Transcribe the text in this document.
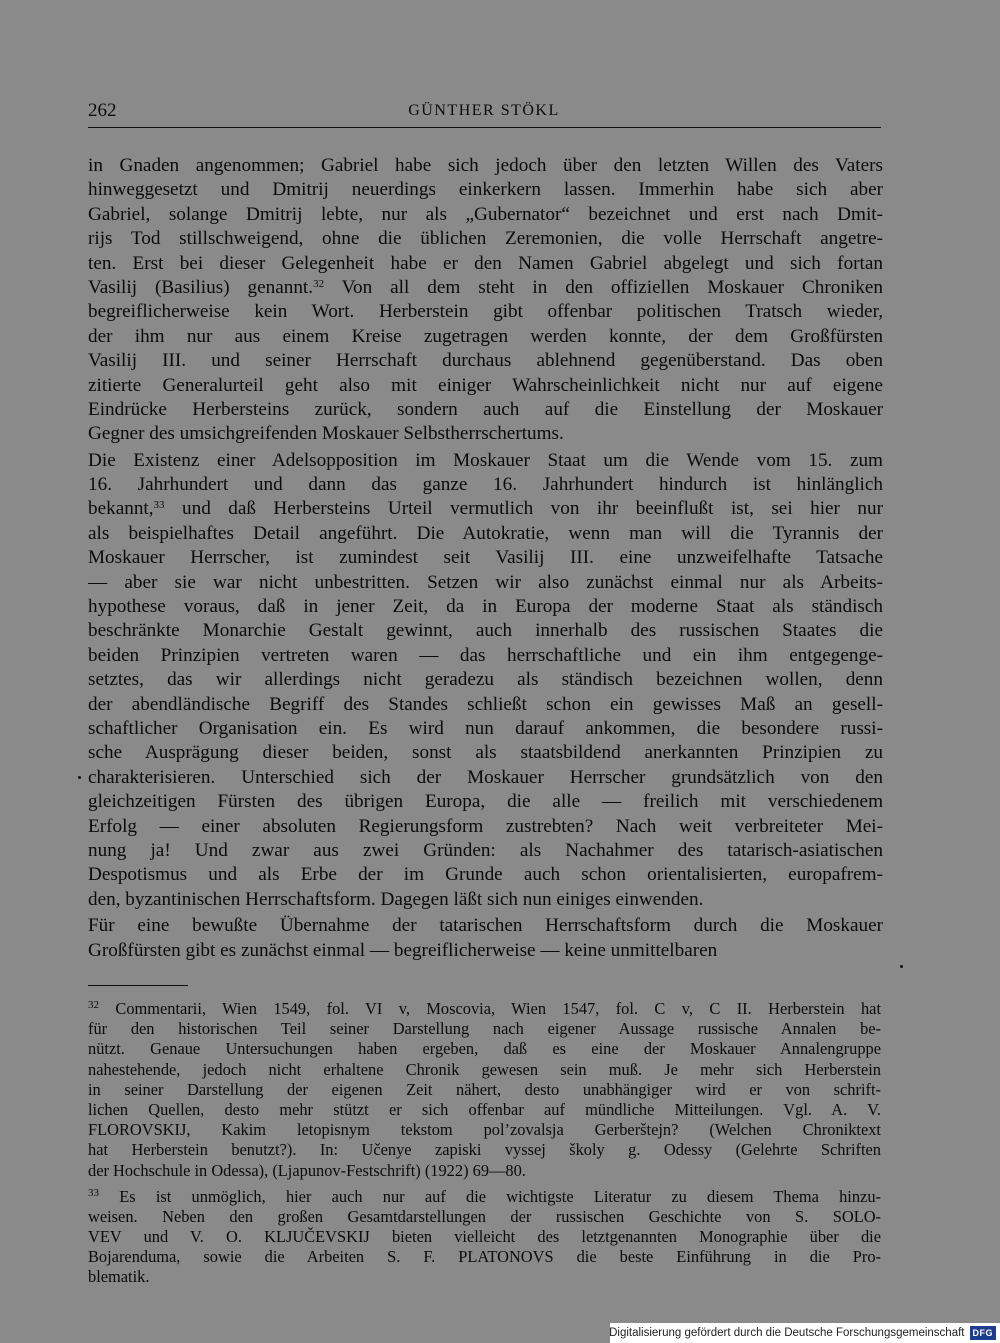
262	GÜNTHER STÖKL
in Gnaden angenommen; Gabriel habe sich jedoch über den letzten Willen des Vaters
hinweggesetzt und Dmitrij neuerdings einkerkern lassen. Immerhin habe sich aber
Gabriel, solange Dmitrij lebte, nur als „Gubernator“ bezeichnet und erst nach Dmit-
rijs Tod stillschweigend, ohne die üblichen Zeremonien, die volle Herrschaft angetre-
ten. Erst bei dieser Gelegenheit habe er den Namen Gabriel abgelegt und sich fortan
Vasilij (Basilius) genannt.$^{32}$ Von all dem steht in den offiziellen Moskauer Chroniken
begreiflicherweise kein Wort. Herberstein gibt offenbar politischen Tratsch wieder,
der ihm nur aus einem Kreise zugetragen werden konnte, der dem Großfürsten
Vasilij III. und seiner Herrschaft durchaus ablehnend gegenüberstand. Das oben
zitierte Generalurteil geht also mit einiger Wahrscheinlichkeit nicht nur auf eigene
Eindrücke Herbersteins zurück, sondern auch auf die Einstellung der Moskauer
Gegner des umsichgreifenden Moskauer Selbstherrschertums.
Die Existenz einer Adelsopposition im Moskauer Staat um die Wende vom 15. zum
16. Jahrhundert und dann das ganze 16. Jahrhundert hindurch ist hinlänglich
bekannt,$^{33}$ und daß Herbersteins Urteil vermutlich von ihr beeinflußt ist, sei hier nur
als beispielhaftes Detail angeführt. Die Autokratie, wenn man will die Tyrannis der
Moskauer Herrscher, ist zumindest seit Vasilij III. eine unzweifelhafte Tatsache
— aber sie war nicht unbestritten. Setzen wir also zunächst einmal nur als Arbeits-
hypothese voraus, daß in jener Zeit, da in Europa der moderne Staat als ständisch
beschränkte Monarchie Gestalt gewinnt, auch innerhalb des russischen Staates die
beiden Prinzipien vertreten waren — das herrschaftliche und ein ihm entgegenge-
setztes, das wir allerdings nicht geradezu als ständisch bezeichnen wollen, denn
der abendländische Begriff des Standes schließt schon ein gewisses Maß an gesell-
schaftlicher Organisation ein. Es wird nun darauf ankommen, die besondere russi-
sche Ausprägung dieser beiden, sonst als staatsbildend anerkannten Prinzipien zu
charakterisieren. Unterschied sich der Moskauer Herrscher grundsätzlich von den
gleichzeitigen Fürsten des übrigen Europa, die alle — freilich mit verschiedenem
Erfolg — einer absoluten Regierungsform zustrebten? Nach weit verbreiteter Mei-
nung ja! Und zwar aus zwei Gründen: als Nachahmer des tatarisch-asiatischen
Despotismus und als Erbe der im Grunde auch schon orientalisierten, europafrem-
den, byzantinischen Herrschaftsform. Dagegen läßt sich nun einiges einwenden.
Für eine bewußte Übernahme der tatarischen Herrschaftsform durch die Moskauer
Großfürsten gibt es zunächst einmal — begreiflicherweise — keine unmittelbaren
$^{32}$ Commentarii, Wien 1549, fol. VI v, Moscovia, Wien 1547, fol. C v, C II. Herberstein hat
für den historischen Teil seiner Darstellung nach eigener Aussage russische Annalen be-
nützt. Genaue Untersuchungen haben ergeben, daß es eine der Moskauer Annalengruppe
nahestehende, jedoch nicht erhaltene Chronik gewesen sein muß. Je mehr sich Herberstein
in seiner Darstellung der eigenen Zeit nähert, desto unabhängiger wird er von schrift-
lichen Quellen, desto mehr stützt er sich offenbar auf mündliche Mitteilungen. Vgl. A. V.
FLOROVSKIJ, Kakim letopisnym tekstom pol’zovalsja Gerberštejn? (Welchen Chroniktext
hat Herberstein benutzt?). In: Učenye zapiski vyssej školy g. Odessy (Gelehrte Schriften
der Hochschule in Odessa), (Ljapunov-Festschrift) (1922) 69—80.
$^{33}$ Es ist unmöglich, hier auch nur auf die wichtigste Literatur zu diesem Thema hinzu-
weisen. Neben den großen Gesamtdarstellungen der russischen Geschichte von S. SOLO-
VEV und V. O. KLJUČEVSKIJ bieten vielleicht des letztgenannten Monographie über die
Bojarenduma, sowie die Arbeiten S. F. PLATONOVS die beste Einführung in die Pro-
blematik.
Digitalisierung gefördert durch die Deutsche Forschungsgemeinschaft DFG
